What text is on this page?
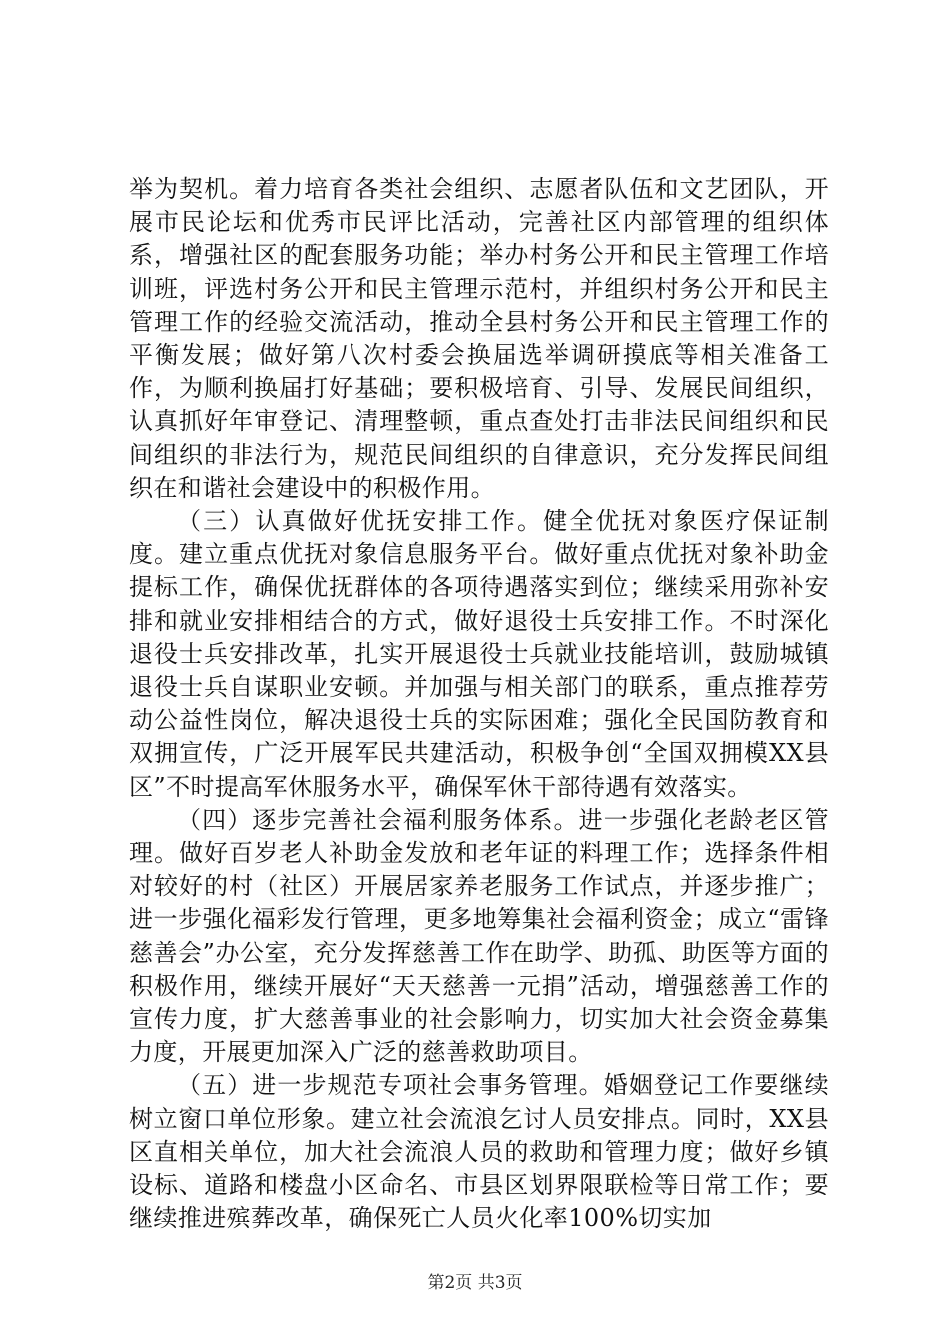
举为契机。着力培育各类社会组织、志愿者队伍和文艺团队，开展市民论坛和优秀市民评比活动，完善社区内部管理的组织体系，增强社区的配套服务功能；举办村务公开和民主管理工作培训班，评选村务公开和民主管理示范村，并组织村务公开和民主管理工作的经验交流活动，推动全县村务公开和民主管理工作的平衡发展；做好第八次村委会换届选举调研摸底等相关准备工作，为顺利换届打好基础；要积极培育、引导、发展民间组织，认真抓好年审登记、清理整顿，重点查处打击非法民间组织和民间组织的非法行为，规范民间组织的自律意识，充分发挥民间组织在和谐社会建设中的积极作用。

（三）认真做好优抚安排工作。健全优抚对象医疗保证制度。建立重点优抚对象信息服务平台。做好重点优抚对象补助金提标工作，确保优抚群体的各项待遇落实到位；继续采用弥补安排和就业安排相结合的方式，做好退役士兵安排工作。不时深化退役士兵安排改革，扎实开展退役士兵就业技能培训，鼓励城镇退役士兵自谋职业安顿。并加强与相关部门的联系，重点推荐劳动公益性岗位，解决退役士兵的实际困难；强化全民国防教育和双拥宣传，广泛开展军民共建活动，积极争创“全国双拥模XX县区”不时提高军休服务水平，确保军休干部待遇有效落实。

（四）逐步完善社会福利服务体系。进一步强化老龄老区管理。做好百岁老人补助金发放和老年证的料理工作；选择条件相对较好的村（社区）开展居家养老服务工作试点，并逐步推广；进一步强化福彩发行管理，更多地筹集社会福利资金；成立“雷锋慈善会”办公室，充分发挥慈善工作在助学、助孤、助医等方面的积极作用，继续开展好“天天慈善一元捐”活动，增强慈善工作的宣传力度，扩大慈善事业的社会影响力，切实加大社会资金募集力度，开展更加深入广泛的慈善救助项目。

（五）进一步规范专项社会事务管理。婚姻登记工作要继续树立窗口单位形象。建立社会流浪乞讨人员安排点。同时，XX县区直相关单位，加大社会流浪人员的救助和管理力度；做好乡镇设标、道路和楼盘小区命名、市县区划界限联检等日常工作；要继续推进殡葬改革，确保死亡人员火化率100%切实加

第2页 共3页
